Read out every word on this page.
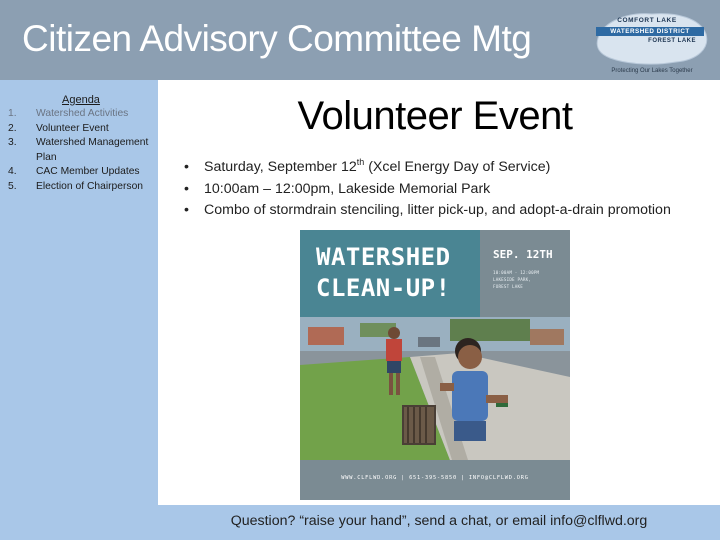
Citizen Advisory Committee Mtg	COMFORT LAKE
WATERSHED DISTRICT
FOREST LAKE
Protecting Our Lakes Together
Agenda
1.	Watershed Activities
2.	Volunteer Event
3.	Watershed Management Plan
4.	CAC Member Updates
5.	Election of Chairperson
Volunteer Event
•	Saturday, September 12th (Xcel Energy Day of Service)
•	10:00am – 12:00pm, Lakeside Memorial Park
•	Combo of stormdrain stenciling, litter pick-up, and adopt-a-drain promotion
WATERSHED
CLEAN-UP!
SEP. 12TH
10:00AM - 12:00PM
LAKESIDE PARK,
FOREST LAKE
WWW.CLFLWD.ORG | 651-395-5850 | INFO@CLFLWD.ORG
Question? “raise your hand”, send a chat, or email info@clflwd.org
